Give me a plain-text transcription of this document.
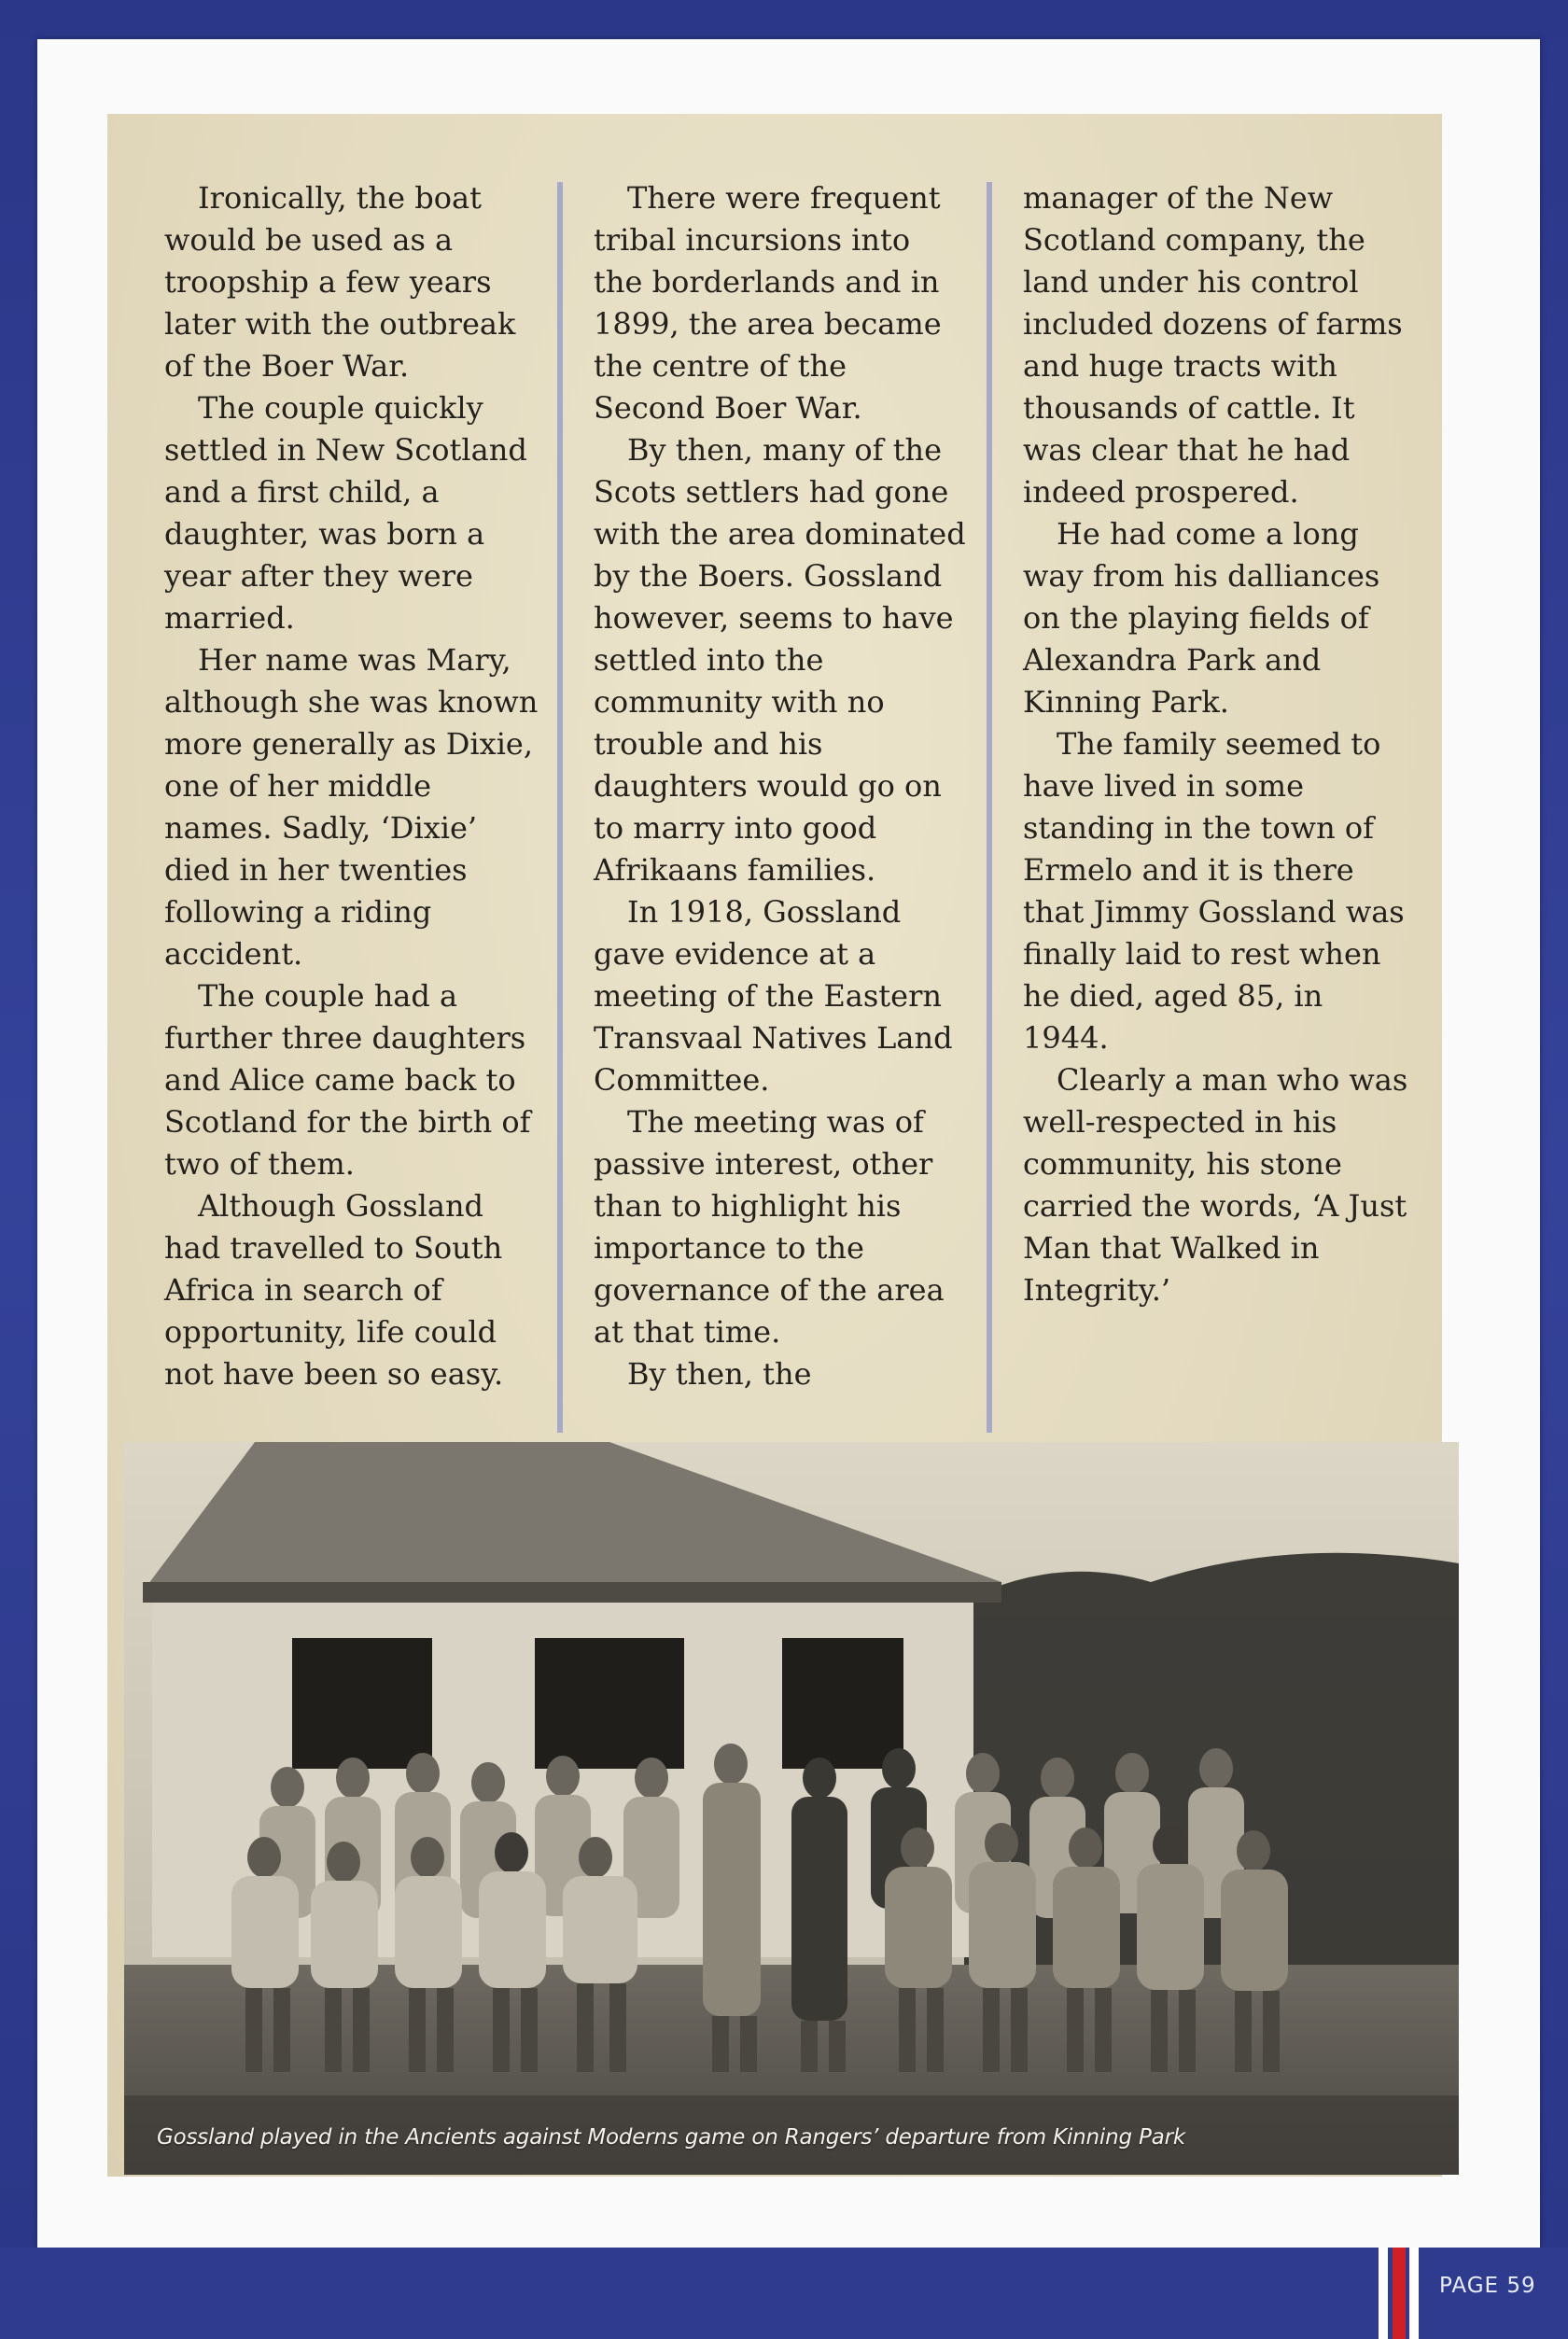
Ironically, the boat would be used as a troopship a few years later with the outbreak of the Boer War.

The couple quickly settled in New Scotland and a first child, a daughter, was born a year after they were married.

Her name was Mary, although she was known more generally as Dixie, one of her middle names. Sadly, ‘Dixie’ died in her twenties following a riding accident.

The couple had a further three daughters and Alice came back to Scotland for the birth of two of them.

Although Gossland had travelled to South Africa in search of opportunity, life could not have been so easy.

There were frequent tribal incursions into the borderlands and in 1899, the area became the centre of the Second Boer War.

By then, many of the Scots settlers had gone with the area dominated by the Boers. Gossland however, seems to have settled into the community with no trouble and his daughters would go on to marry into good Afrikaans families.

In 1918, Gossland gave evidence at a meeting of the Eastern Transvaal Natives Land Committee.

The meeting was of passive interest, other than to highlight his importance to the governance of the area at that time.

By then, the

manager of the New Scotland company, the land under his control included dozens of farms and huge tracts with thousands of cattle. It was clear that he had indeed prospered.

He had come a long way from his dalliances on the playing fields of Alexandra Park and Kinning Park.

The family seemed to have lived in some standing in the town of Ermelo and it is there that Jimmy Gossland was finally laid to rest when he died, aged 85, in 1944.

Clearly a man who was well-respected in his community, his stone carried the words, ‘A Just Man that Walked in Integrity.’

Gossland played in the Ancients against Moderns game on Rangers’ departure from Kinning Park
PAGE 59
